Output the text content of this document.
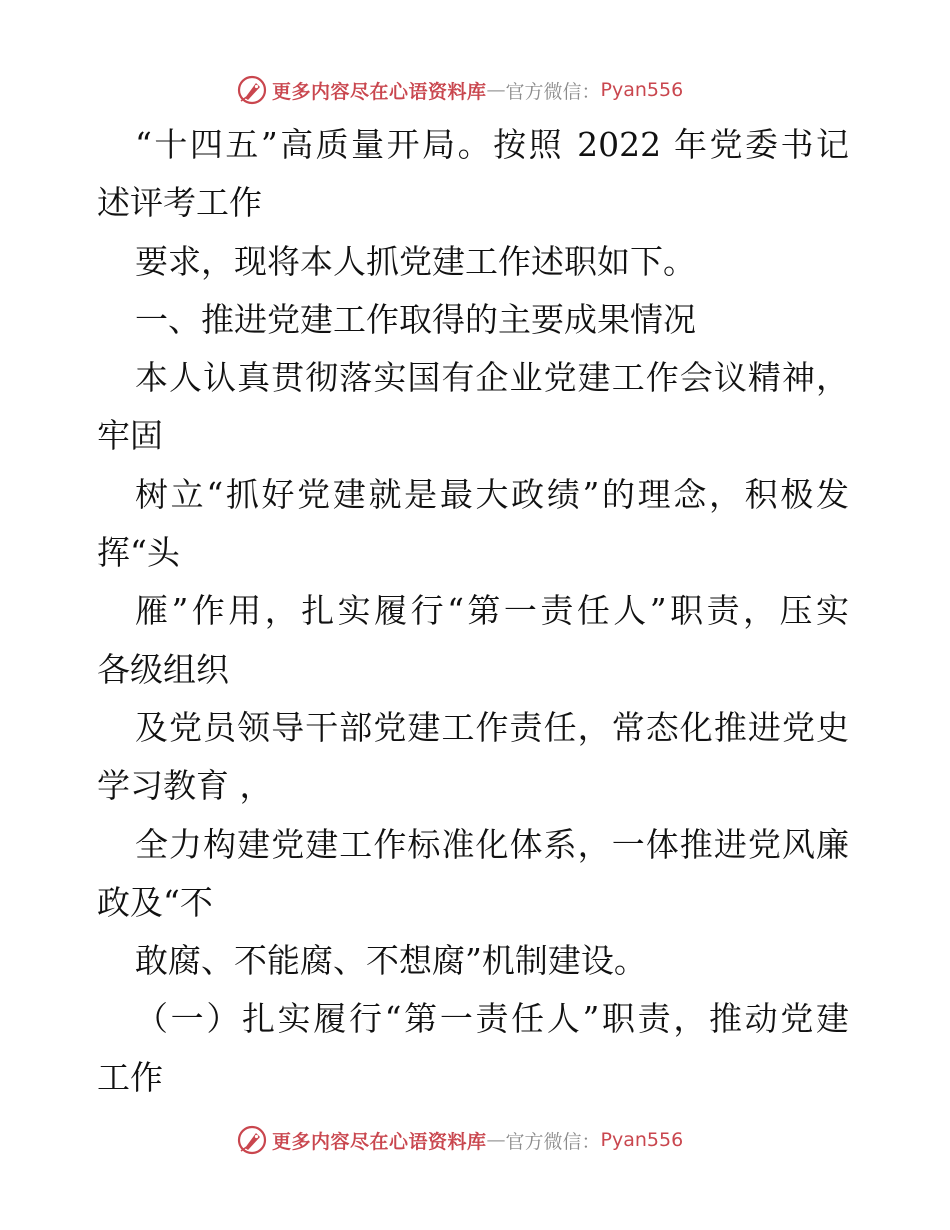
更多内容尽在心语资料库 — 官方微信： Pyan556
“十四五”高质量开局。按照 2022 年党委书记
述评考工作
要求，现将本人抓党建工作述职如下。
一、推进党建工作取得的主要成果情况
本人认真贯彻落实国有企业党建工作会议精神，
牢固
树立“抓好党建就是最大政绩”的理念，积极发
挥“头
雁”作用，扎实履行“第一责任人”职责，压实
各级组织
及党员领导干部党建工作责任，常态化推进党史
学习教育 ，
全力构建党建工作标准化体系，一体推进党风廉
政及“不
敢腐、不能腐、不想腐”机制建设。
（一）扎实履行“第一责任人”职责，推动党建
工作
更多内容尽在心语资料库 — 官方微信： Pyan556
